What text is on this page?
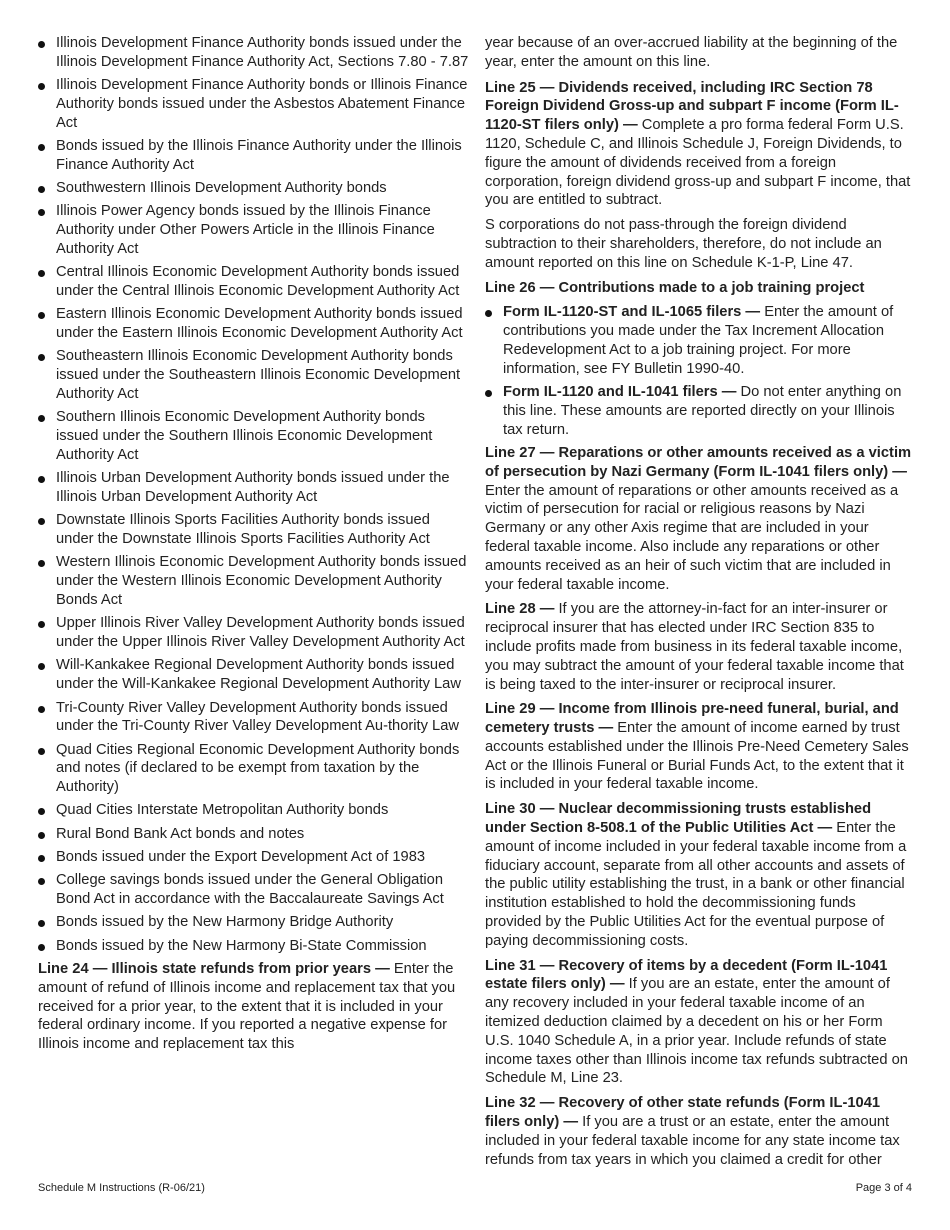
Illinois Development Finance Authority bonds issued under the Illinois Development Finance Authority Act, Sections 7.80 - 7.87
Illinois Development Finance Authority bonds or Illinois Finance Authority bonds issued under the Asbestos Abatement Finance Act
Bonds issued by the Illinois Finance Authority under the Illinois Finance Authority Act
Southwestern Illinois Development Authority bonds
Illinois Power Agency bonds issued by the Illinois Finance Authority under Other Powers Article in the Illinois Finance Authority Act
Central Illinois Economic Development Authority bonds issued under the Central Illinois Economic Development Authority Act
Eastern Illinois Economic Development Authority bonds issued under the Eastern Illinois Economic Development Authority Act
Southeastern Illinois Economic Development Authority bonds issued under the Southeastern Illinois Economic Development Authority Act
Southern Illinois Economic Development Authority bonds issued under the Southern Illinois Economic Development Authority Act
Illinois Urban Development Authority bonds issued under the Illinois Urban Development Authority Act
Downstate Illinois Sports Facilities Authority bonds issued under the Downstate Illinois Sports Facilities Authority Act
Western Illinois Economic Development Authority bonds issued under the Western Illinois Economic Development Authority Bonds Act
Upper Illinois River Valley Development Authority bonds issued under the Upper Illinois River Valley Development Authority Act
Will-Kankakee Regional Development Authority bonds issued under the Will-Kankakee Regional Development Authority Law
Tri-County River Valley Development Authority bonds issued under the Tri-County River Valley Development Au-thority Law
Quad Cities Regional Economic Development Authority bonds and notes (if declared to be exempt from taxation by the Authority)
Quad Cities Interstate Metropolitan Authority bonds
Rural Bond Bank Act bonds and notes
Bonds issued under the Export Development Act of 1983
College savings bonds issued under the General Obligation Bond Act in accordance with the Baccalaureate Savings Act
Bonds issued by the New Harmony Bridge Authority
Bonds issued by the New Harmony Bi-State Commission

Line 24 — Illinois state refunds from prior years — Enter the amount of refund of Illinois income and replacement tax that you received for a prior year, to the extent that it is included in your federal ordinary income. If you reported a negative expense for Illinois income and replacement tax this

year because of an over-accrued liability at the beginning of the year, enter the amount on this line.

Line 25 — Dividends received, including IRC Section 78 Foreign Dividend Gross-up and subpart F income (Form IL-1120-ST filers only) — Complete a pro forma federal Form U.S. 1120, Schedule C, and Illinois Schedule J, Foreign Dividends, to figure the amount of dividends received from a foreign corporation, foreign dividend gross-up and subpart F income, that you are entitled to subtract.

S corporations do not pass-through the foreign dividend subtraction to their shareholders, therefore, do not include an amount reported on this line on Schedule K-1-P, Line 47.

Line 26 — Contributions made to a job training project

Form IL-1120-ST and IL-1065 filers — Enter the amount of contributions you made under the Tax Increment Allocation Redevelopment Act to a job training project. For more information, see FY Bulletin 1990-40.
Form IL-1120 and IL-1041 filers — Do not enter anything on this line. These amounts are reported directly on your Illinois tax return.

Line 27 — Reparations or other amounts received as a victim of persecution by Nazi Germany (Form IL-1041 filers only) — Enter the amount of reparations or other amounts received as a victim of persecution for racial or religious reasons by Nazi Germany or any other Axis regime that are included in your federal taxable income. Also include any reparations or other amounts received as an heir of such victim that are included in your federal taxable income.

Line 28 — If you are the attorney-in-fact for an inter-insurer or reciprocal insurer that has elected under IRC Section 835 to include profits made from business in its federal taxable income, you may subtract the amount of your federal taxable income that is being taxed to the inter-insurer or reciprocal insurer.

Line 29 — Income from Illinois pre-need funeral, burial, and cemetery trusts — Enter the amount of income earned by trust accounts established under the Illinois Pre-Need Cemetery Sales Act or the Illinois Funeral or Burial Funds Act, to the extent that it is included in your federal taxable income.

Line 30 — Nuclear decommissioning trusts established under Section 8-508.1 of the Public Utilities Act — Enter the amount of income included in your federal taxable income from a fiduciary account, separate from all other accounts and assets of the public utility establishing the trust, in a bank or other financial institution established to hold the decommissioning funds provided by the Public Utilities Act for the eventual purpose of paying decommissioning costs.

Line 31 — Recovery of items by a decedent (Form IL-1041 estate filers only) — If you are an estate, enter the amount of any recovery included in your federal taxable income of an itemized deduction claimed by a decedent on his or her Form U.S. 1040 Schedule A, in a prior year. Include refunds of state income taxes other than Illinois income tax refunds subtracted on Schedule M, Line 23.

Line 32 — Recovery of other state refunds (Form IL-1041 filers only) — If you are a trust or an estate, enter the amount included in your federal taxable income for any state income tax refunds from tax years in which you claimed a credit for other

Schedule M Instructions (R-06/21)	Page 3 of 4
